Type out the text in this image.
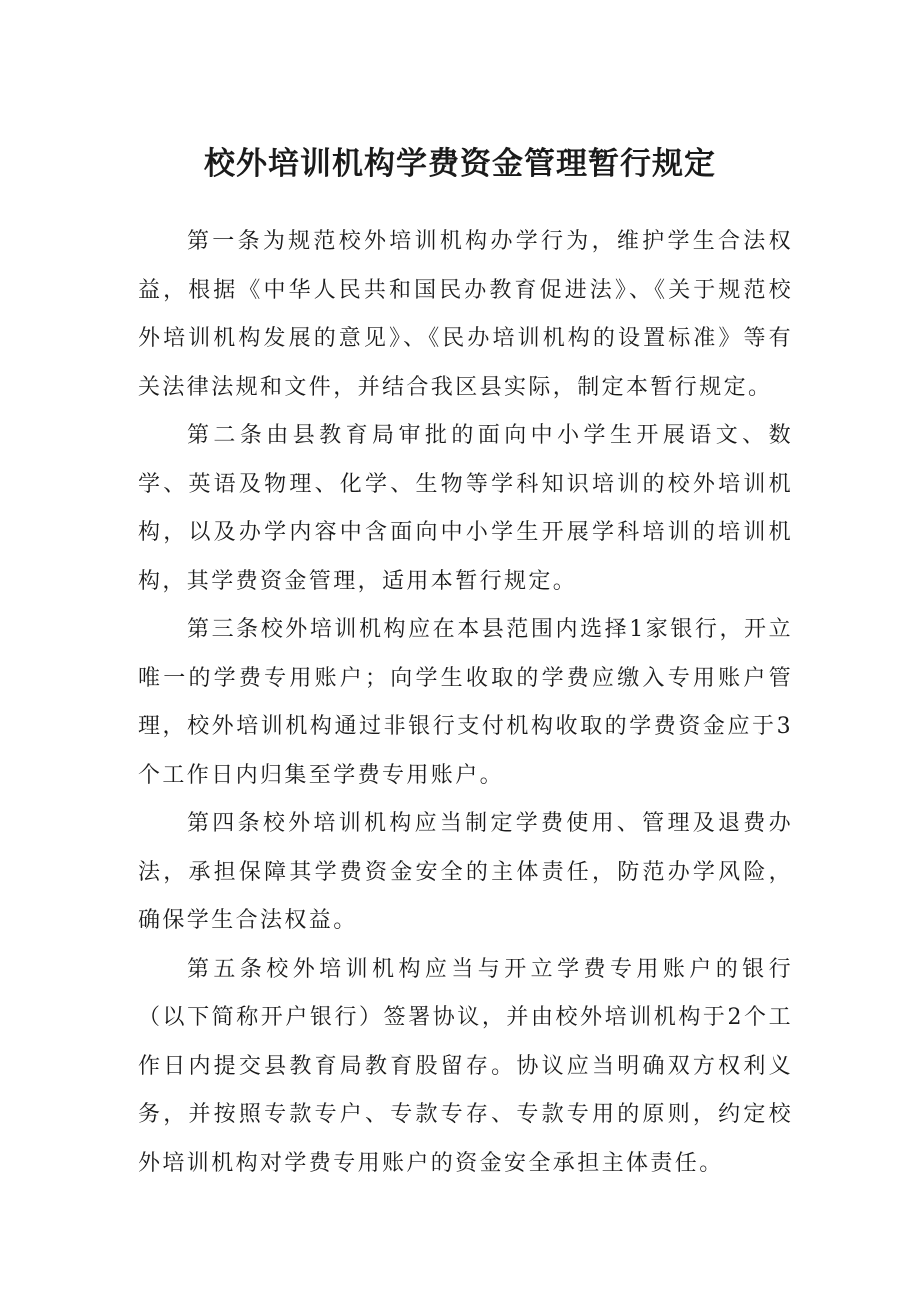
校外培训机构学费资金管理暂行规定

第一条为规范校外培训机构办学行为，维护学生合法权益，根据《中华人民共和国民办教育促进法》、《关于规范校外培训机构发展的意见》、《民办培训机构的设置标准》等有关法律法规和文件，并结合我区县实际，制定本暂行规定。

第二条由县教育局审批的面向中小学生开展语文、数学、英语及物理、化学、生物等学科知识培训的校外培训机构，以及办学内容中含面向中小学生开展学科培训的培训机构，其学费资金管理，适用本暂行规定。

第三条校外培训机构应在本县范围内选择1家银行，开立唯一的学费专用账户；向学生收取的学费应缴入专用账户管理，校外培训机构通过非银行支付机构收取的学费资金应于3个工作日内归集至学费专用账户。

第四条校外培训机构应当制定学费使用、管理及退费办法，承担保障其学费资金安全的主体责任，防范办学风险，确保学生合法权益。

第五条校外培训机构应当与开立学费专用账户的银行（以下简称开户银行）签署协议，并由校外培训机构于2个工作日内提交县教育局教育股留存。协议应当明确双方权利义务，并按照专款专户、专款专存、专款专用的原则，约定校外培训机构对学费专用账户的资金安全承担主体责任。
